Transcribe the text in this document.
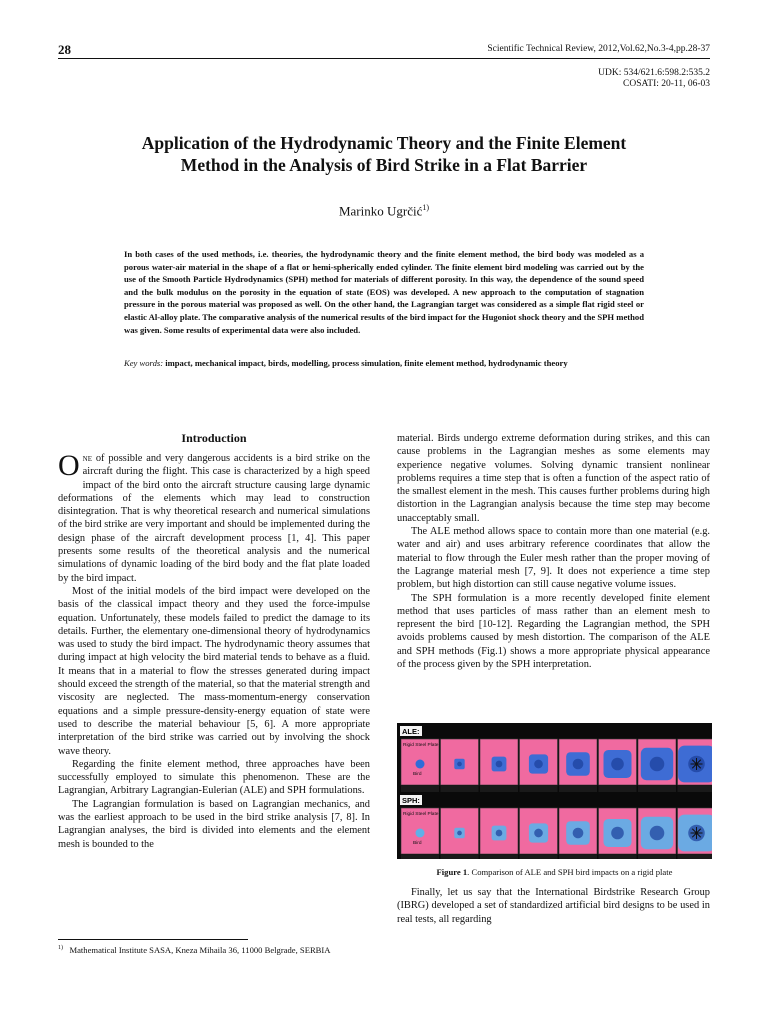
28	Scientific Technical Review, 2012,Vol.62,No.3-4,pp.28-37
UDK: 534/621.6:598.2:535.2
COSATI: 20-11, 06-03
Application of the Hydrodynamic Theory and the Finite Element
Method in the Analysis of Bird Strike in a Flat Barrier
Marinko Ugrčić$^{1)}$
In both cases of the used methods, i.e. theories, the hydrodynamic theory and the finite element method, the bird body was modeled as a porous water-air material in the shape of a flat or hemi-spherically ended cylinder. The finite element bird modeling was carried out by the use of the Smooth Particle Hydrodynamics (SPH) method for materials of different porosity. In this way, the dependence of the sound speed and the bulk modulus on the porosity in the equation of state (EOS) was developed. A new approach to the computation of stagnation pressure in the porous material was proposed as well. On the other hand, the Lagrangian target was considered as a simple flat rigid steel or elastic Al-alloy plate. The comparative analysis of the numerical results of the bird impact for the Hugoniot shock theory and the SPH method was given. Some results of experimental data were also included.
Key words: impact, mechanical impact, birds, modelling, process simulation, finite element method, hydrodynamic theory
Introduction

One of possible and very dangerous accidents is a bird strike on the aircraft during the flight. This case is characterized by a high speed impact of the bird onto the aircraft structure causing large dynamic deformations of the elements which may lead to construction disintegration. That is why theoretical research and numerical simulations of the bird strike are very important and should be implemented during the design phase of the aircraft development process [1, 4]. This paper presents some results of the theoretical analysis and the numerical simulations of dynamic loading of the bird body and the flat plate loaded by the bird impact.

Most of the initial models of the bird impact were developed on the basis of the classical impact theory and they used the force-impulse equation. Unfortunately, these models failed to predict the damage to its details. Further, the elementary one-dimensional theory of hydrodynamics was used to study the bird impact. The hydrodynamic theory assumes that during impact at high velocity the bird material tends to behave as a fluid. It means that in a material to flow the stresses generated during impact should exceed the strength of the material, so that the material strength and viscosity are neglected. The mass-momentum-energy conservation equations and a simple pressure-density-energy equation of state were used to describe the material behaviour [5, 6]. A more appropriate interpretation of the bird strike was carried out by involving the shock wave theory.

Regarding the finite element method, three approaches have been successfully employed to simulate this phenomenon. These are the Lagrangian, Arbitrary Lagrangian-Eulerian (ALE) and SPH formulations.

The Lagrangian formulation is based on Lagrangian mechanics, and was the earliest approach to be used in the bird strike analysis [7, 8]. In Lagrangian analyses, the bird is divided into elements and the element mesh is bounded to the

$^{1)}$ Mathematical Institute SASA, Kneza Mihaila 36, 11000 Belgrade, SERBIA

material. Birds undergo extreme deformation during strikes, and this can cause problems in the Lagrangian meshes as some elements may experience negative volumes. Solving dynamic transient nonlinear problems requires a time step that is often a function of the aspect ratio of the smallest element in the mesh. This causes further problems during high distortion in the Lagrangian analysis because the time step may become unacceptably small.

The ALE method allows space to contain more than one material (e.g. water and air) and uses arbitrary reference coordinates that allow the material to flow through the Euler mesh rather than the proper moving of the Lagrange material mesh [7, 9]. It does not experience a time step problem, but high distortion can still cause negative volume issues.

The SPH formulation is a more recently developed finite element method that uses particles of mass rather than an element mesh to represent the bird [10-12]. Regarding the Lagrangian method, the SPH avoids problems caused by mesh distortion. The comparison of the ALE and SPH methods (Fig.1) shows a more appropriate physical appearance of the process given by the SPH interpretation.

ALE:
Rigid Steel Plate
Bird
SPH:
Rigid Steel Plate
Bird
Figure 1. Comparison of ALE and SPH bird impacts on a rigid plate

Finally, let us say that the International Birdstrike Research Group (IBRG) developed a set of standardized artificial bird designs to be used in real tests, all regarding
